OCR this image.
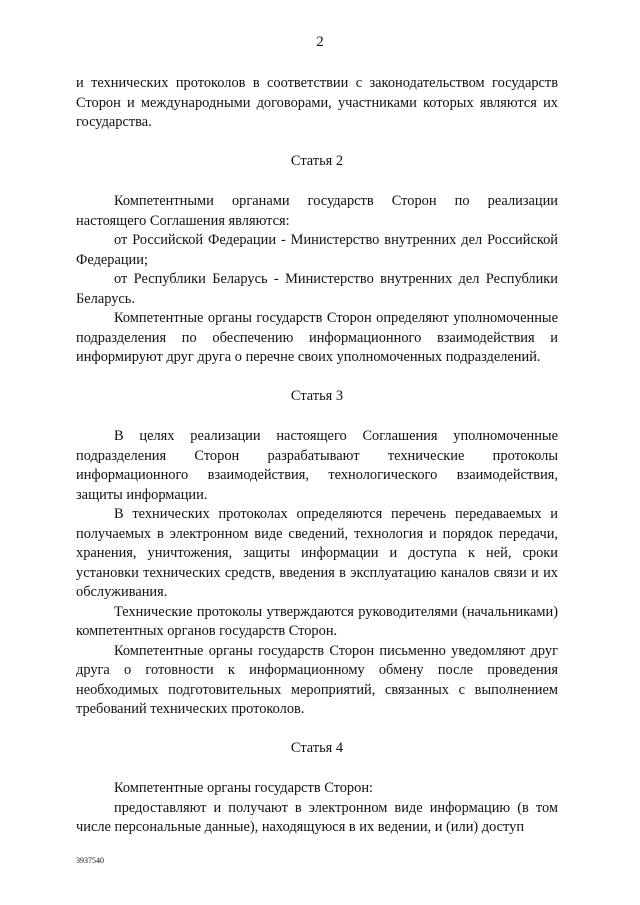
2

и технических протоколов в соответствии с законодательством государств Сторон и международными договорами, участниками которых являются их государства.

Статья 2

Компетентными органами государств Сторон по реализации настоящего Соглашения являются:

от Российской Федерации - Министерство внутренних дел Российской Федерации;

от Республики Беларусь - Министерство внутренних дел Республики Беларусь.

Компетентные органы государств Сторон определяют уполномоченные подразделения по обеспечению информационного взаимодействия и информируют друг друга о перечне своих уполномоченных подразделений.

Статья 3

В целях реализации настоящего Соглашения уполномоченные подразделения Сторон разрабатывают технические протоколы информационного взаимодействия, технологического взаимодействия, защиты информации.

В технических протоколах определяются перечень передаваемых и получаемых в электронном виде сведений, технология и порядок передачи, хранения, уничтожения, защиты информации и доступа к ней, сроки установки технических средств, введения в эксплуатацию каналов связи и их обслуживания.

Технические протоколы утверждаются руководителями (начальниками) компетентных органов государств Сторон.

Компетентные органы государств Сторон письменно уведомляют друг друга о готовности к информационному обмену после проведения необходимых подготовительных мероприятий, связанных с выполнением требований технических протоколов.

Статья 4

Компетентные органы государств Сторон:

предоставляют и получают в электронном виде информацию (в том числе персональные данные), находящуюся в их ведении, и (или) доступ

3937540
